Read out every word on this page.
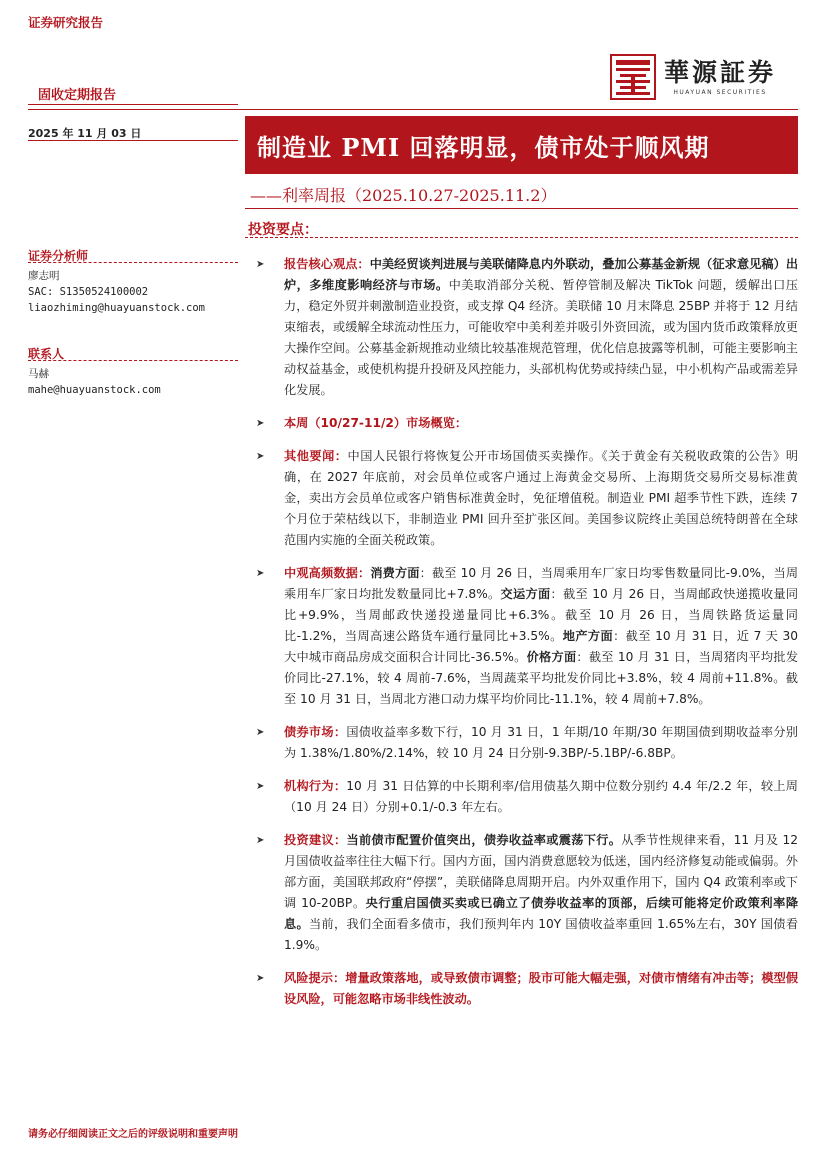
证券研究报告
華源証券
HUAYUAN SECURITIES
固收定期报告
2025 年 11 月 03 日	制造业 PMI 回落明显，债市处于顺风期
——利率周报（2025.10.27-2025.11.2）
投资要点：
证券分析师
廖志明
SAC: S1350524100002
liaozhiming@huayuanstock.com
联系人
马赫
mahe@huayuanstock.com
➤ 报告核心观点：中美经贸谈判进展与美联储降息内外联动，叠加公募基金新规（征求意见稿）出炉，多维度影响经济与市场。中美取消部分关税、暂停管制及解决 TikTok 问题，缓解出口压力，稳定外贸并刺激制造业投资，或支撑 Q4 经济。美联储 10 月末降息 25BP 并将于 12 月结束缩表，或缓解全球流动性压力，可能收窄中美利差并吸引外资回流，或为国内货币政策释放更大操作空间。公募基金新规推动业绩比较基准规范管理，优化信息披露等机制，可能主要影响主动权益基金，或使机构提升投研及风控能力，头部机构优势或持续凸显，中小机构产品或需差异化发展。
➤ 本周（10/27-11/2）市场概览：
➤ 其他要闻：中国人民银行将恢复公开市场国债买卖操作。《关于黄金有关税收政策的公告》明确，在 2027 年底前，对会员单位或客户通过上海黄金交易所、上海期货交易所交易标准黄金，卖出方会员单位或客户销售标准黄金时，免征增值税。制造业 PMI 超季节性下跌，连续 7 个月位于荣枯线以下，非制造业 PMI 回升至扩张区间。美国参议院终止美国总统特朗普在全球范围内实施的全面关税政策。
➤ 中观高频数据：消费方面：截至 10 月 26 日，当周乘用车厂家日均零售数量同比-9.0%，当周乘用车厂家日均批发数量同比+7.8%。交运方面：截至 10 月 26 日，当周邮政快递揽收量同比+9.9%，当周邮政快递投递量同比+6.3%。截至 10 月 26 日，当周铁路货运量同比-1.2%，当周高速公路货车通行量同比+3.5%。地产方面：截至 10 月 31 日，近 7 天 30 大中城市商品房成交面积合计同比-36.5%。价格方面：截至 10 月 31 日，当周猪肉平均批发价同比-27.1%，较 4 周前-7.6%，当周蔬菜平均批发价同比+3.8%，较 4 周前+11.8%。截至 10 月 31 日，当周北方港口动力煤平均价同比-11.1%，较 4 周前+7.8%。
➤ 债券市场：国债收益率多数下行，10 月 31 日，1 年期/10 年期/30 年期国债到期收益率分别为 1.38%/1.80%/2.14%，较 10 月 24 日分别-9.3BP/-5.1BP/-6.8BP。
➤ 机构行为：10 月 31 日估算的中长期利率/信用债基久期中位数分别约 4.4 年/2.2 年，较上周（10 月 24 日）分别+0.1/-0.3 年左右。
➤ 投资建议：当前债市配置价值突出，债券收益率或震荡下行。从季节性规律来看，11 月及 12 月国债收益率往往大幅下行。国内方面，国内消费意愿较为低迷，国内经济修复动能或偏弱。外部方面，美国联邦政府“停摆”，美联储降息周期开启。内外双重作用下，国内 Q4 政策利率或下调 10-20BP。央行重启国债买卖或已确立了债券收益率的顶部，后续可能将定价政策利率降息。当前，我们全面看多债市，我们预判年内 10Y 国债收益率重回 1.65%左右，30Y 国债看 1.9%。
➤ 风险提示：增量政策落地，或导致债市调整；股市可能大幅走强，对债市情绪有冲击等；模型假设风险，可能忽略市场非线性波动。
请务必仔细阅读正文之后的评级说明和重要声明
